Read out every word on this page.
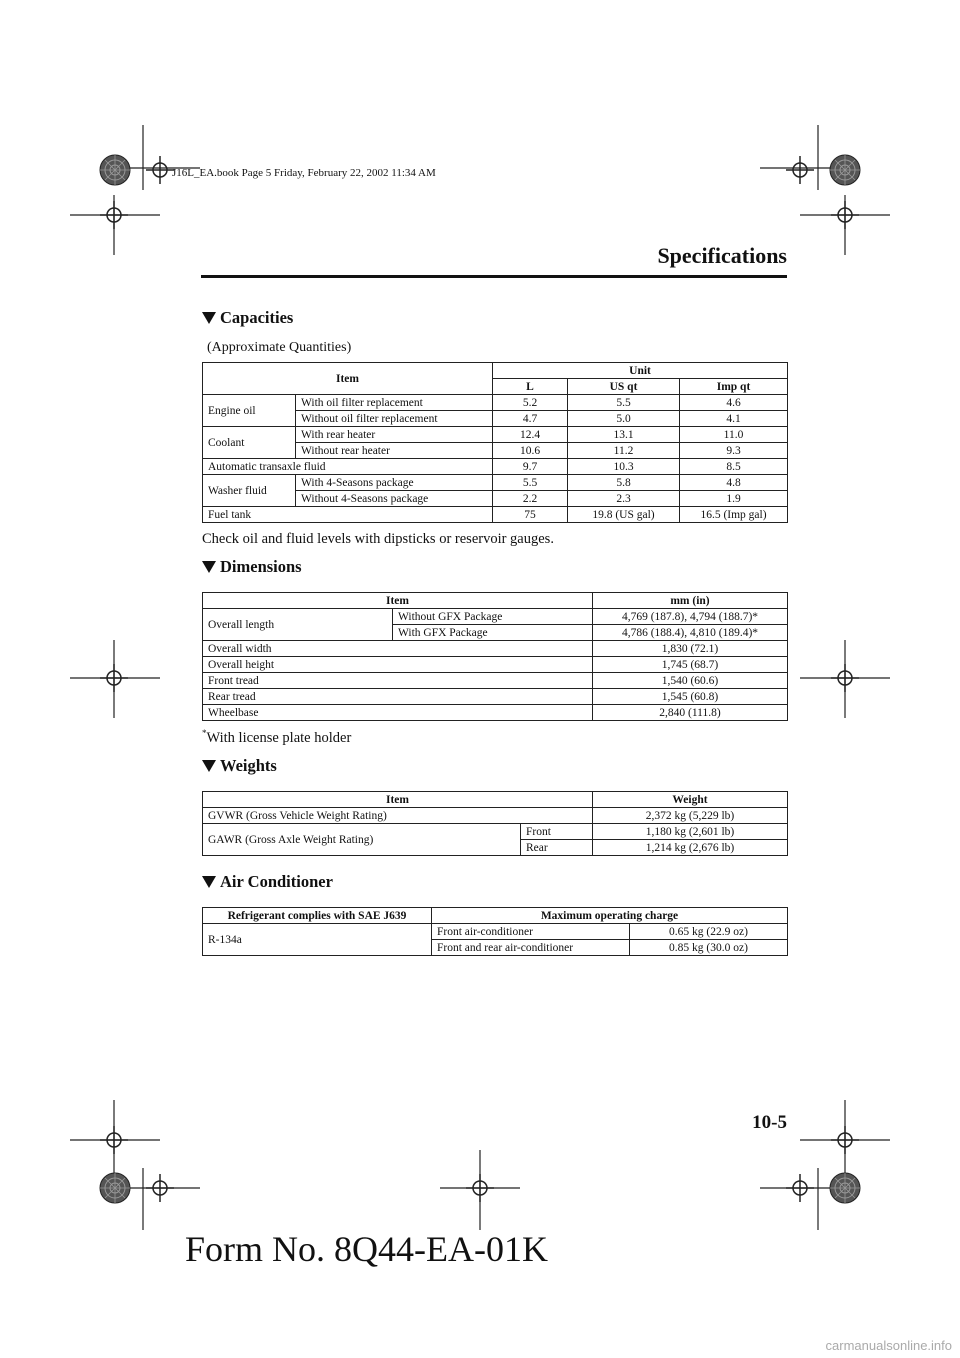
J16L_EA.book Page 5 Friday, February 22, 2002 11:34 AM
Specifications
Capacities
(Approximate Quantities)
Item		Unit		
		L	US qt	Imp qt
Engine oil	With oil filter replacement	5.2	5.5	4.6
	Without oil filter replacement	4.7	5.0	4.1
Coolant	With rear heater	12.4	13.1	11.0
	Without rear heater	10.6	11.2	9.3
Automatic transaxle fluid		9.7	10.3	8.5
Washer fluid	With 4-Seasons package	5.5	5.8	4.8
	Without 4-Seasons package	2.2	2.3	1.9
Fuel tank		75	19.8 (US gal)	16.5 (Imp gal)
Check oil and fluid levels with dipsticks or reservoir gauges.
Dimensions
Item		mm (in)
Overall length	Without GFX Package	4,769 (187.8), 4,794 (188.7)*
	With GFX Package	4,786 (188.4), 4,810 (189.4)*
Overall width		1,830 (72.1)
Overall height		1,745 (68.7)
Front tread		1,540 (60.6)
Rear tread		1,545 (60.8)
Wheelbase		2,840 (111.8)
*With license plate holder
Weights
Item		Weight
GVWR (Gross Vehicle Weight Rating)		2,372 kg (5,229 lb)
GAWR (Gross Axle Weight Rating)	Front	1,180 kg (2,601 lb)
	Rear	1,214 kg (2,676 lb)
Air Conditioner
Refrigerant complies with SAE J639	Maximum operating charge	
R-134a	Front air-conditioner	0.65 kg (22.9 oz)
	Front and rear air-conditioner	0.85 kg (30.0 oz)
10-5
Form No. 8Q44-EA-01K
carmanualsonline.info
